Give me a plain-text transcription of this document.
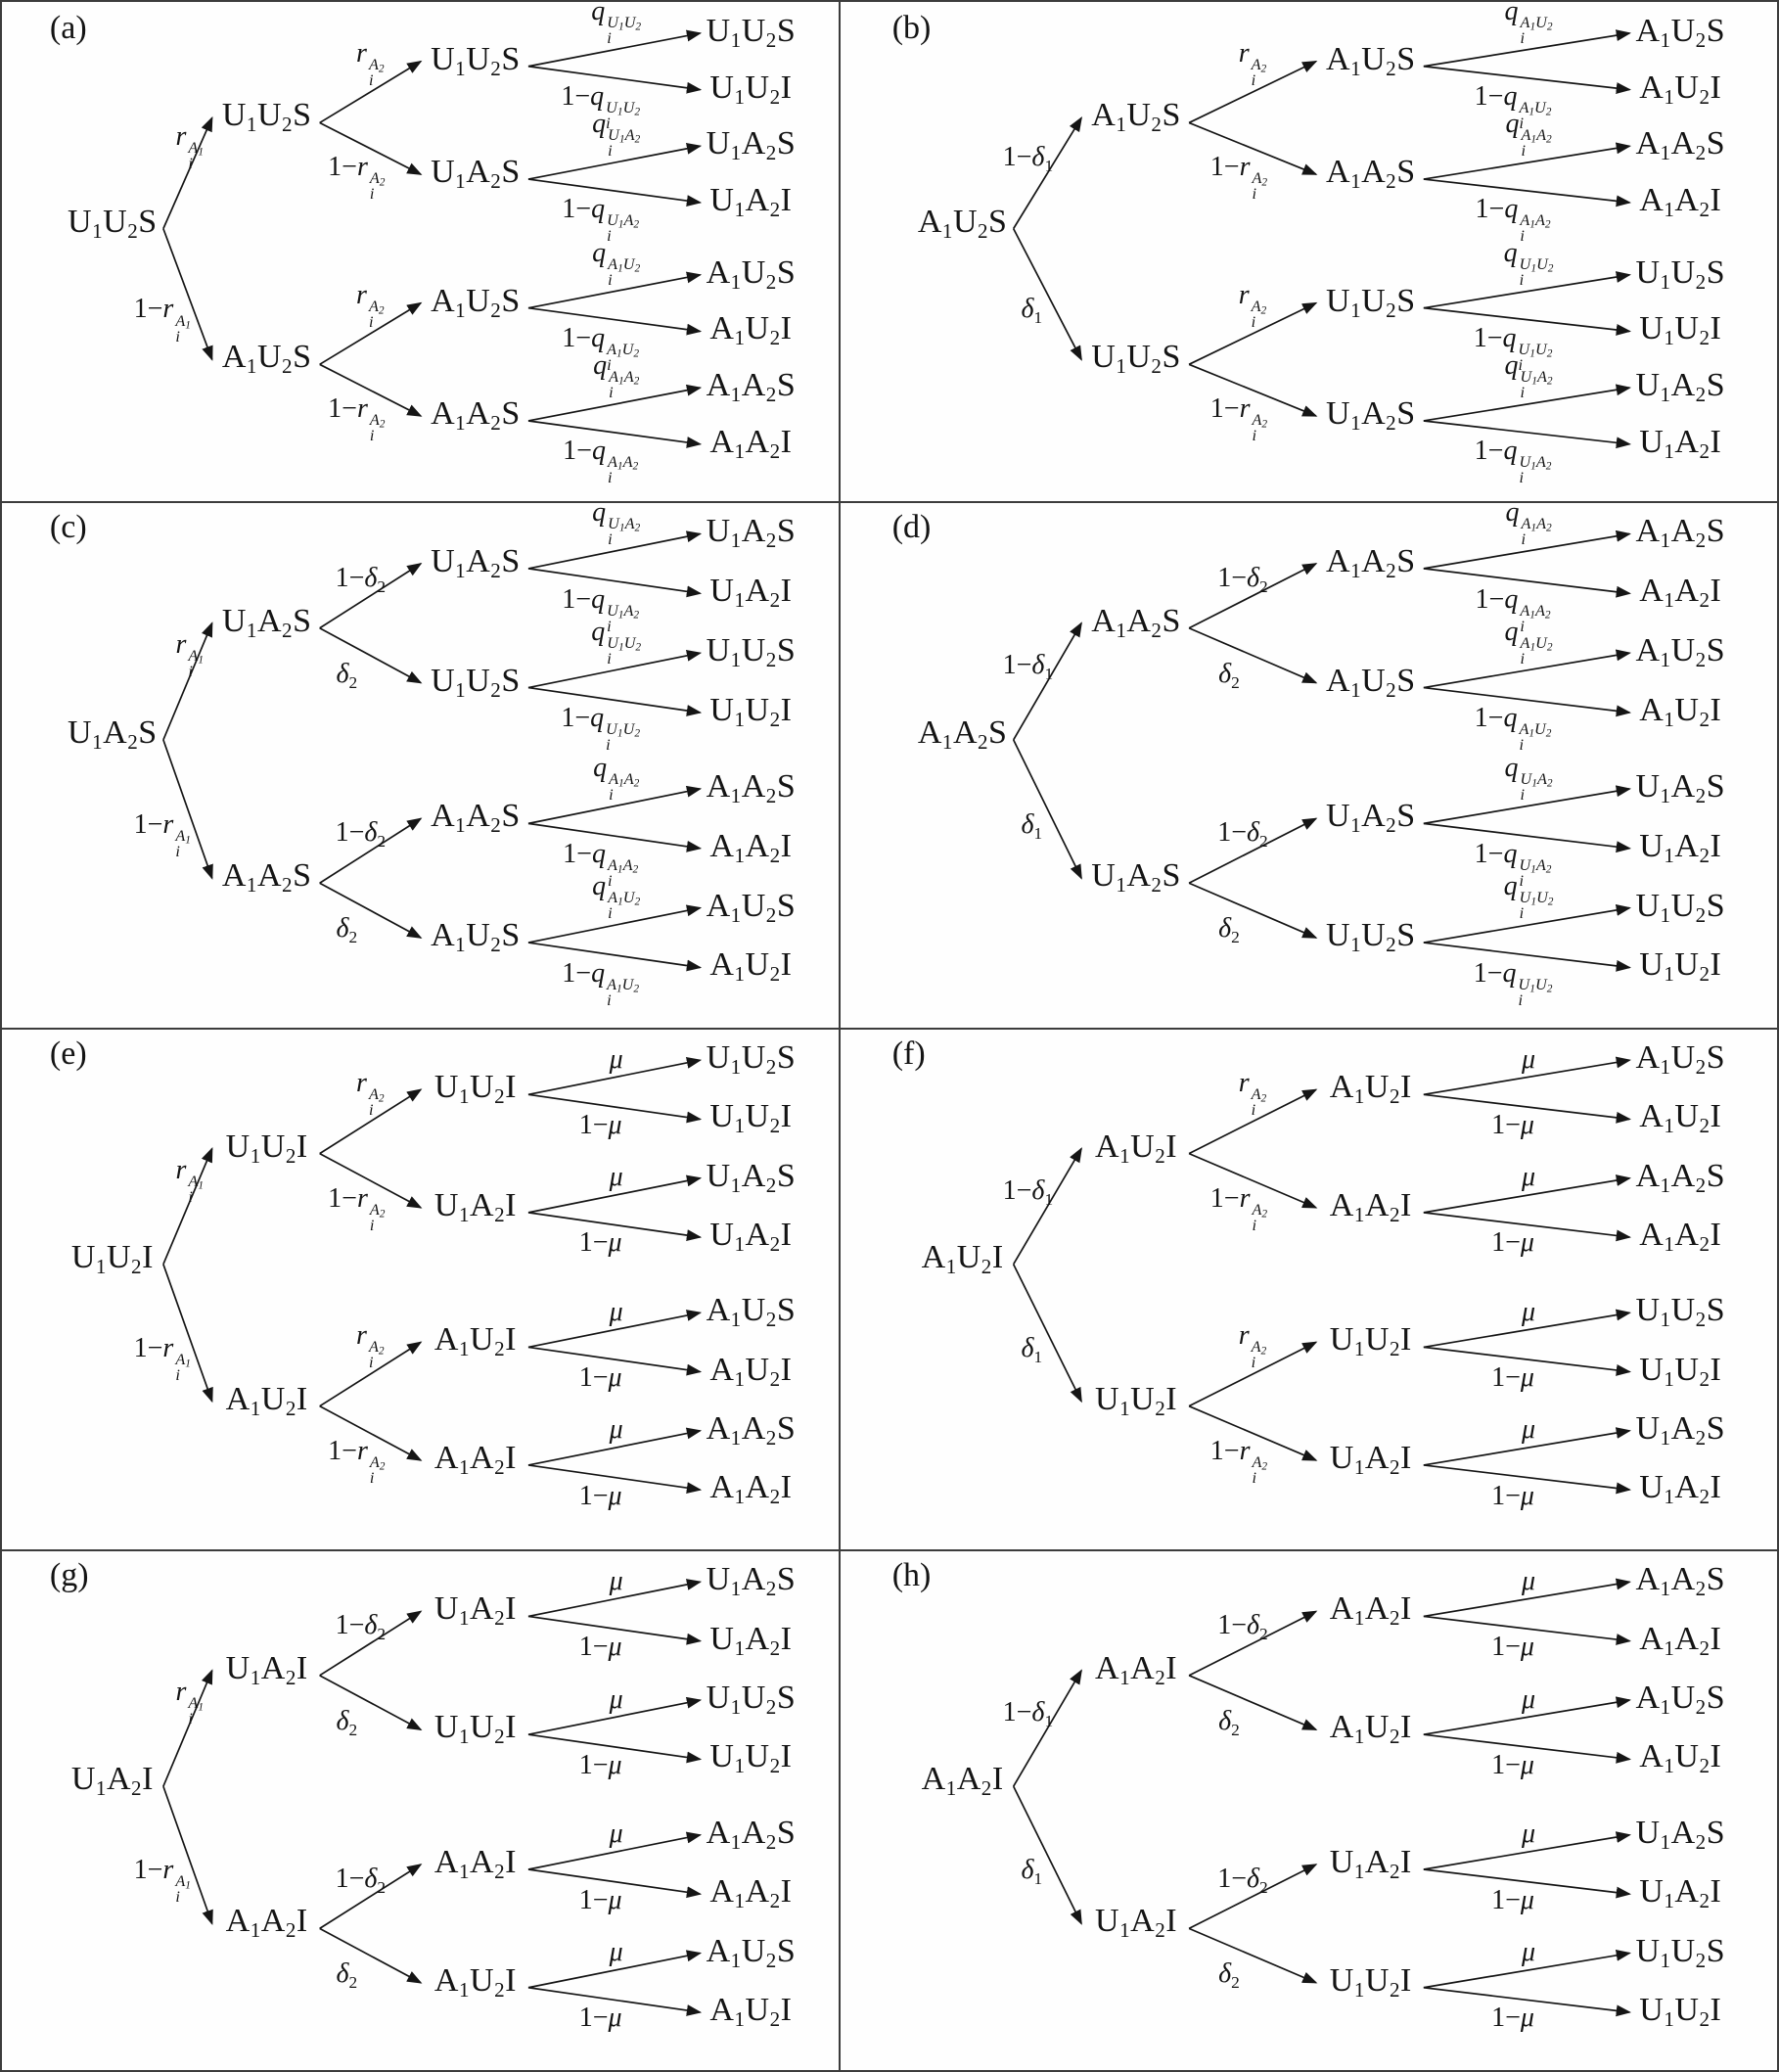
(a)
$U_1U_2S$
$U_1U_2S$
r $A_1$
i
$U_1U_2S$
r $A_2$
i
$U_1U_2S$
q $U_1U_2$
i
$U_1U_2I$
1−q $U_1U_2$
i
$U_1A_2S$
1−r $A_2$
i
$U_1A_2S$
q $U_1A_2$
i
$U_1A_2I$
1−q $U_1A_2$
i
$A_1U_2S$
1−r $A_1$
i
$A_1U_2S$
r $A_2$
i
$A_1U_2S$
q $A_1U_2$
i
$A_1U_2I$
1−q $A_1U_2$
i
$A_1A_2S$
1−r $A_2$
i
$A_1A_2S$
q $A_1A_2$
i
$A_1A_2I$
1−q $A_1A_2$
i
(b)
$A_1U_2S$
$A_1U_2S$
$1-\delta_1$
$A_1U_2S$
r $A_2$
i
$A_1U_2S$
q $A_1U_2$
i
$A_1U_2I$
1−q $A_1U_2$
i
$A_1A_2S$
1−r $A_2$
i
$A_1A_2S$
q $A_1A_2$
i
$A_1A_2I$
1−q $A_1A_2$
i
$U_1U_2S$
$\delta_1$	$U_1U_2S$
r $A_2$
i
$U_1U_2S$
q $U_1U_2$
i
$U_1U_2I$
1−q $U_1U_2$
i
$U_1A_2S$
1−r $A_2$
i
$U_1A_2S$
q $U_1A_2$
i
$U_1A_2I$
1−q $U_1A_2$
i
(c)
$U_1A_2S$
$U_1A_2S$
r $A_1$
i
$U_1A_2S$
$1-\delta_2$
$U_1A_2S$
q $U_1A_2$
i
$U_1A_2I$
1−q $U_1A_2$
i
$U_1U_2S$
$\delta_2$
$U_1U_2S$
q $U_1U_2$
i
$U_1U_2I$
1−q $U_1U_2$
i
$A_1A_2S$
1−r $A_1$
i
$A_1A_2S$
$1-\delta_2$
$A_1A_2S$
q $A_1A_2$
i
$A_1A_2I$
1−q $A_1A_2$
i
$A_1U_2S$
$\delta_2$
$A_1U_2S$
q $A_1U_2$
i
$A_1U_2I$
1−q $A_1U_2$
i
(d)
$A_1A_2S$
$A_1A_2S$
$1-\delta_1$
$A_1A_2S$
$1-\delta_2$
$A_1A_2S$
q $A_1A_2$
i
$A_1A_2I$
1−q $A_1A_2$
i
$A_1U_2S$
$\delta_2$
$A_1U_2S$
q $A_1U_2$
i
$A_1U_2I$
1−q $A_1U_2$
i
$U_1A_2S$
$\delta_1$	$U_1A_2S$
$1-\delta_2$
$U_1A_2S$
q $U_1A_2$
i
$U_1A_2I$
1−q $U_1A_2$
i
$U_1U_2S$
$\delta_2$
$U_1U_2S$
q $U_1U_2$
i
$U_1U_2I$
1−q $U_1U_2$
i
(e)
$U_1U_2I$
$U_1U_2I$
r $A_1$
i
$U_1U_2I$
r $A_2$
i
$U_1U_2S$
μ
$U_1U_2I$
1−μ
$U_1A_2I$
1−r $A_2$
i
$U_1A_2S$
μ
$U_1A_2I$
1−μ
$A_1U_2I$
1−r $A_1$
i
$A_1U_2I$
r $A_2$
i
$A_1U_2S$
μ
$A_1U_2I$
1−μ
$A_1A_2I$
1−r $A_2$
i
$A_1A_2S$
μ
$A_1A_2I$
1−μ
(f)
$A_1U_2I$
$A_1U_2I$
$1-\delta_1$
$A_1U_2I$
r $A_2$
i
$A_1U_2S$
μ
$A_1U_2I$
1−μ
$A_1A_2I$
1−r $A_2$
i
$A_1A_2S$
μ
$A_1A_2I$
1−μ
$U_1U_2I$
$\delta_1$	$U_1U_2I$
r $A_2$
i
$U_1U_2S$
μ
$U_1U_2I$
1−μ
$U_1A_2I$
1−r $A_2$
i
$U_1A_2S$
μ
$U_1A_2I$
1−μ
(g)
$U_1A_2I$
$U_1A_2I$
r $A_1$
i
$U_1A_2I$
$1-\delta_2$
$U_1A_2S$
μ
$U_1A_2I$
1−μ
$U_1U_2I$
$\delta_2$
$U_1U_2S$
μ
$U_1U_2I$
1−μ
$A_1A_2I$
1−r $A_1$
i
$A_1A_2I$
$1-\delta_2$
$A_1A_2S$
μ
$A_1A_2I$
1−μ
$A_1U_2I$
$\delta_2$
$A_1U_2S$
μ
$A_1U_2I$
1−μ
(h)
$A_1A_2I$
$A_1A_2I$
$1-\delta_1$
$A_1A_2I$
$1-\delta_2$
$A_1A_2S$
μ
$A_1A_2I$
1−μ
$A_1U_2I$
$\delta_2$
$A_1U_2S$
μ
$A_1U_2I$
1−μ
$U_1A_2I$
$\delta_1$	$U_1A_2I$
$1-\delta_2$
$U_1A_2S$
μ
$U_1A_2I$
1−μ
$U_1U_2I$
$\delta_2$
$U_1U_2S$
μ
$U_1U_2I$
1−μ
